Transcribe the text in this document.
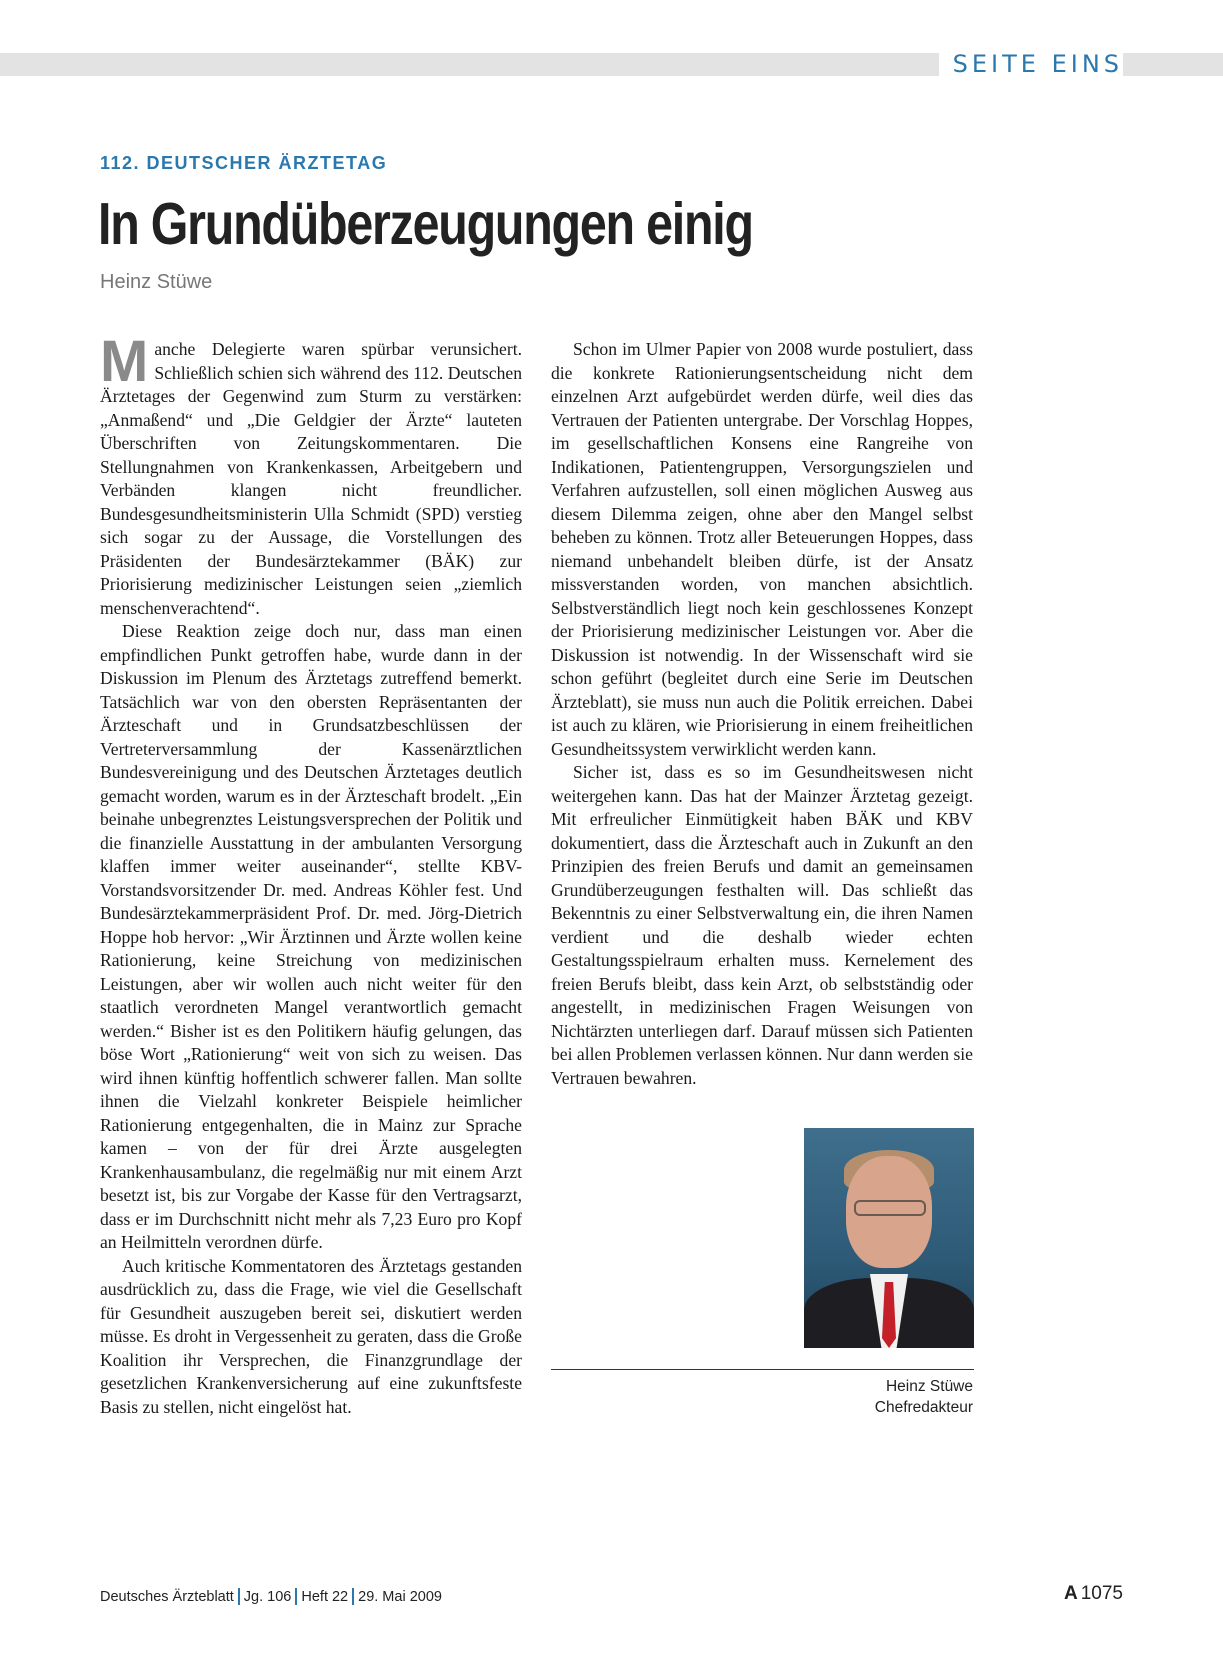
SEITE EINS
112. DEUTSCHER ÄRZTETAG
In Grundüberzeugungen einig
Heinz Stüwe

Manche Delegierte waren spürbar verunsichert. Schließlich schien sich während des 112. Deutschen Ärztetages der Gegenwind zum Sturm zu verstärken: „Anmaßend“ und „Die Geldgier der Ärzte“ lauteten Überschriften von Zeitungskommentaren. Die Stellungnahmen von Krankenkassen, Arbeitgebern und Verbänden klangen nicht freundlicher. Bundesgesundheitsministerin Ulla Schmidt (SPD) verstieg sich sogar zu der Aussage, die Vorstellungen des Präsidenten der Bundesärztekammer (BÄK) zur Priorisierung medizinischer Leistungen seien „ziemlich menschenverachtend“.

Diese Reaktion zeige doch nur, dass man einen empfindlichen Punkt getroffen habe, wurde dann in der Diskussion im Plenum des Ärztetags zutreffend bemerkt. Tatsächlich war von den obersten Repräsentanten der Ärzteschaft und in Grundsatzbeschlüssen der Vertreterversammlung der Kassenärztlichen Bundesvereinigung und des Deutschen Ärztetages deutlich gemacht worden, warum es in der Ärzteschaft brodelt. „Ein beinahe unbegrenztes Leistungsversprechen der Politik und die finanzielle Ausstattung in der ambulanten Versorgung klaffen immer weiter auseinander“, stellte KBV-Vorstandsvorsitzender Dr. med. Andreas Köhler fest. Und Bundesärztekammerpräsident Prof. Dr. med. Jörg-Dietrich Hoppe hob hervor: „Wir Ärztinnen und Ärzte wollen keine Rationierung, keine Streichung von medizinischen Leistungen, aber wir wollen auch nicht weiter für den staatlich verordneten Mangel verantwortlich gemacht werden.“ Bisher ist es den Politikern häufig gelungen, das böse Wort „Rationierung“ weit von sich zu weisen. Das wird ihnen künftig hoffentlich schwerer fallen. Man sollte ihnen die Vielzahl konkreter Beispiele heimlicher Rationierung entgegenhalten, die in Mainz zur Sprache kamen – von der für drei Ärzte ausgelegten Krankenhausambulanz, die regelmäßig nur mit einem Arzt besetzt ist, bis zur Vorgabe der Kasse für den Vertragsarzt, dass er im Durchschnitt nicht mehr als 7,23 Euro pro Kopf an Heilmitteln verordnen dürfe.

Auch kritische Kommentatoren des Ärztetags gestanden ausdrücklich zu, dass die Frage, wie viel die Gesellschaft für Gesundheit auszugeben bereit sei, diskutiert werden müsse. Es droht in Vergessenheit zu geraten, dass die Große Koalition ihr Versprechen, die Finanzgrundlage der gesetzlichen Krankenversicherung auf eine zukunftsfeste Basis zu stellen, nicht eingelöst hat.

Schon im Ulmer Papier von 2008 wurde postuliert, dass die konkrete Rationierungsentscheidung nicht dem einzelnen Arzt aufgebürdet werden dürfe, weil dies das Vertrauen der Patienten untergrabe. Der Vorschlag Hoppes, im gesellschaftlichen Konsens eine Rangreihe von Indikationen, Patientengruppen, Versorgungszielen und Verfahren aufzustellen, soll einen möglichen Ausweg aus diesem Dilemma zeigen, ohne aber den Mangel selbst beheben zu können. Trotz aller Beteuerungen Hoppes, dass niemand unbehandelt bleiben dürfe, ist der Ansatz missverstanden worden, von manchen absichtlich. Selbstverständlich liegt noch kein geschlossenes Konzept der Priorisierung medizinischer Leistungen vor. Aber die Diskussion ist notwendig. In der Wissenschaft wird sie schon geführt (begleitet durch eine Serie im Deutschen Ärzteblatt), sie muss nun auch die Politik erreichen. Dabei ist auch zu klären, wie Priorisierung in einem freiheitlichen Gesundheitssystem verwirklicht werden kann.

Sicher ist, dass es so im Gesundheitswesen nicht weitergehen kann. Das hat der Mainzer Ärztetag gezeigt. Mit erfreulicher Einmütigkeit haben BÄK und KBV dokumentiert, dass die Ärzteschaft auch in Zukunft an den Prinzipien des freien Berufs und damit an gemeinsamen Grundüberzeugungen festhalten will. Das schließt das Bekenntnis zu einer Selbstverwaltung ein, die ihren Namen verdient und die deshalb wieder echten Gestaltungsspielraum erhalten muss. Kernelement des freien Berufs bleibt, dass kein Arzt, ob selbstständig oder angestellt, in medizinischen Fragen Weisungen von Nichtärzten unterliegen darf. Darauf müssen sich Patienten bei allen Problemen verlassen können. Nur dann werden sie Vertrauen bewahren.

Heinz Stüwe
Chefredakteur
Deutsches Ärzteblatt Jg. 106 Heft 22 29. Mai 2009	A 1075
